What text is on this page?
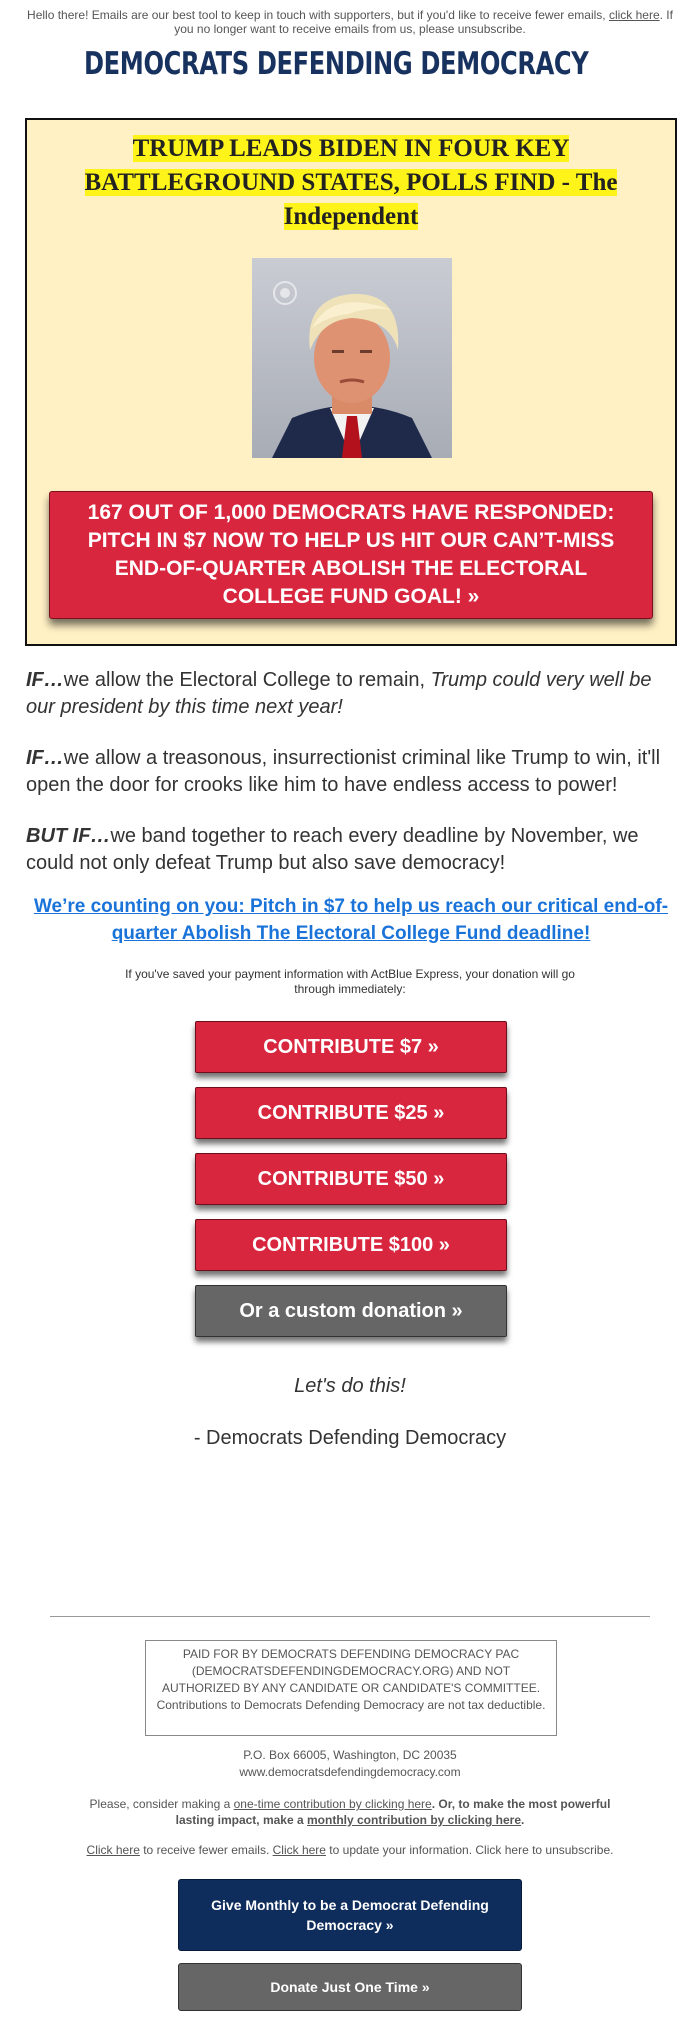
Hello there! Emails are our best tool to keep in touch with supporters, but if you'd like to receive fewer emails, click here. If you no longer want to receive emails from us, please unsubscribe.
DEMOCRATS DEFENDING DEMOCRACY
TRUMP LEADS BIDEN IN FOUR KEY BATTLEGROUND STATES, POLLS FIND - The Independent
167 OUT OF 1,000 DEMOCRATS HAVE RESPONDED: PITCH IN $7 NOW TO HELP US HIT OUR CAN’T-MISS END-OF-QUARTER ABOLISH THE ELECTORAL COLLEGE FUND GOAL! »
IF…we allow the Electoral College to remain, Trump could very well be our president by this time next year!
IF…we allow a treasonous, insurrectionist criminal like Trump to win, it'll open the door for crooks like him to have endless access to power!
BUT IF…we band together to reach every deadline by November, we could not only defeat Trump but also save democracy!
We’re counting on you: Pitch in $7 to help us reach our critical end-of-quarter Abolish The Electoral College Fund deadline!
If you've saved your payment information with ActBlue Express, your donation will go through immediately:
CONTRIBUTE $7 »
CONTRIBUTE $25 »
CONTRIBUTE $50 »
CONTRIBUTE $100 »
Or a custom donation »
Let's do this!
- Democrats Defending Democracy
PAID FOR BY DEMOCRATS DEFENDING DEMOCRACY PAC (DEMOCRATSDEFENDINGDEMOCRACY.ORG) AND NOT AUTHORIZED BY ANY CANDIDATE OR CANDIDATE'S COMMITTEE.
Contributions to Democrats Defending Democracy are not tax deductible.
P.O. Box 66005, Washington, DC 20035
www.democratsdefendingdemocracy.com
Please, consider making a one-time contribution by clicking here. Or, to make the most powerful lasting impact, make a monthly contribution by clicking here.
Click here to receive fewer emails. Click here to update your information. Click here to unsubscribe.
Give Monthly to be a Democrat Defending Democracy »
Donate Just One Time »
